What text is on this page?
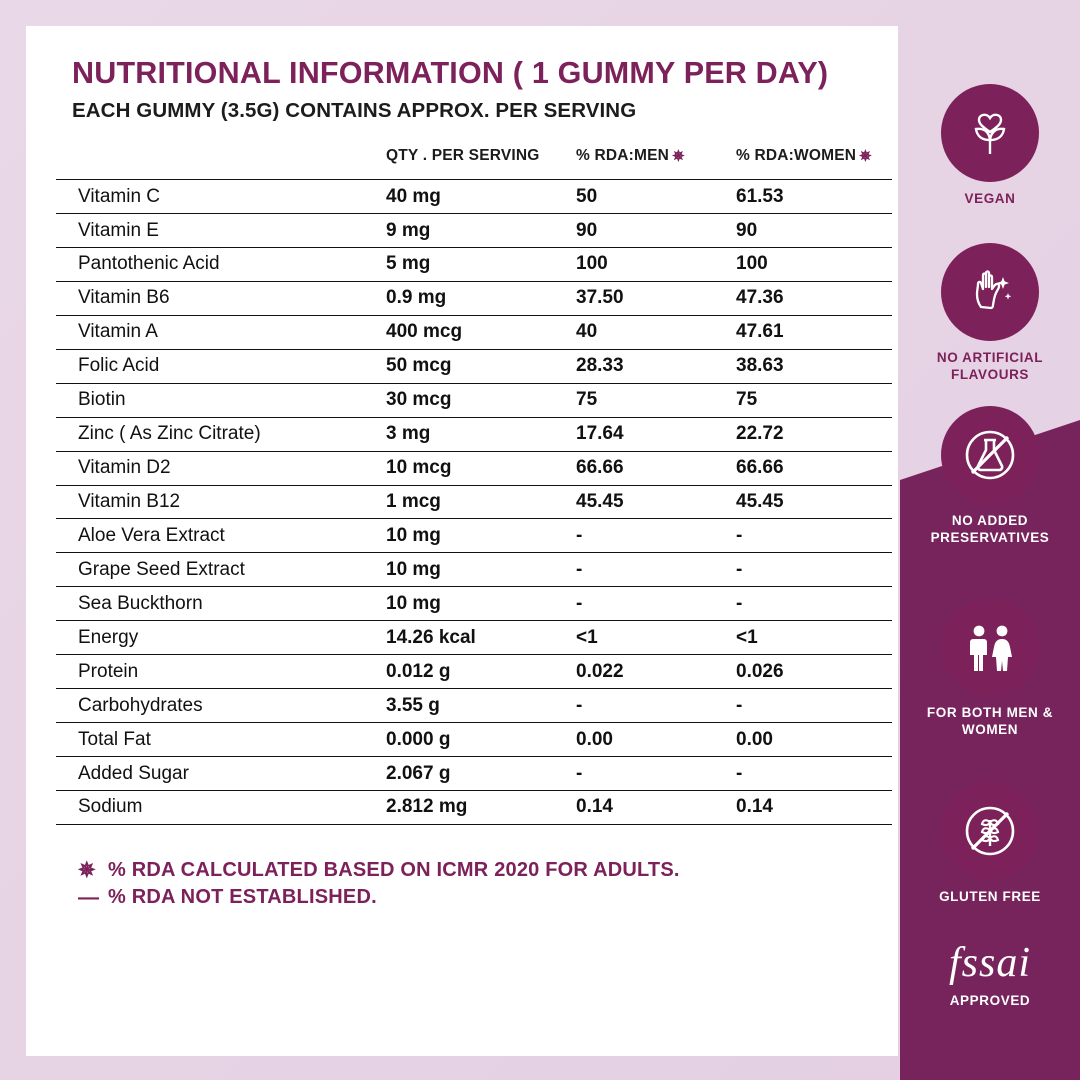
NUTRITIONAL INFORMATION ( 1 GUMMY PER DAY)
EACH GUMMY (3.5G) CONTAINS APPROX. PER SERVING
	QTY . PER SERVING	% RDA:MEN ✵	% RDA:WOMEN ✵
Vitamin C	40 mg	50	61.53
Vitamin E	9 mg	90	90
Pantothenic Acid	5 mg	100	100
Vitamin B6	0.9 mg	37.50	47.36
Vitamin A	400 mcg	40	47.61
Folic Acid	50 mcg	28.33	38.63
Biotin	30 mcg	75	75
Zinc ( As Zinc Citrate)	3 mg	17.64	22.72
Vitamin D2	10 mcg	66.66	66.66
Vitamin B12	1 mcg	45.45	45.45
Aloe Vera Extract	10 mg	-	-
Grape Seed Extract	10 mg	-	-
Sea Buckthorn	10 mg	-	-
Energy	14.26 kcal	<1	<1
Protein	0.012 g	0.022	0.026
Carbohydrates	3.55 g	-	-
Total Fat	0.000 g	0.00	0.00
Added Sugar	2.067 g	-	-
Sodium	2.812 mg	0.14	0.14
✵ % RDA CALCULATED BASED ON ICMR 2020 FOR ADULTS.
— % RDA NOT ESTABLISHED.
VEGAN
NO ARTIFICIAL FLAVOURS
NO ADDED PRESERVATIVES
FOR BOTH MEN & WOMEN
GLUTEN FREE
fssai
APPROVED
